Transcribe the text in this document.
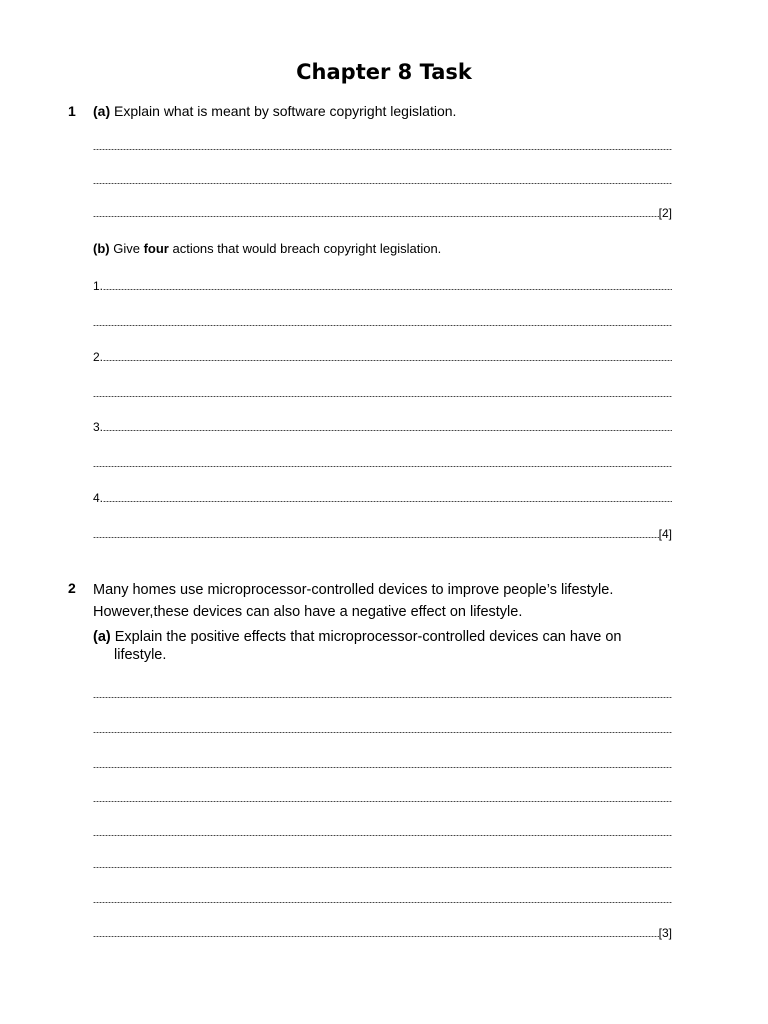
Chapter 8 Task
1 (a) Explain what is meant by software copyright legislation.
[2]
(b) Give four actions that would breach copyright legislation.
1.
2.
3.
4.
[4]
2 Many homes use microprocessor-controlled devices to improve people’s lifestyle.
However,these devices can also have a negative effect on lifestyle.
(a) Explain the positive effects that microprocessor-controlled devices can have on
lifestyle.
[3]
